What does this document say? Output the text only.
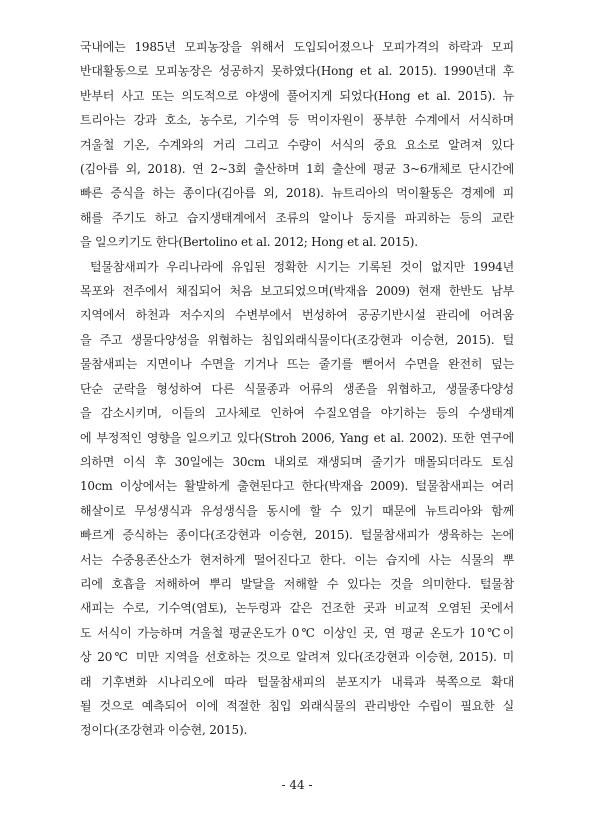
국내에는 1985년 모피농장을 위해서 도입되어졌으나 모피가격의 하락과 모피
반대활동으로 모피농장은 성공하지 못하였다(Hong et al. 2015). 1990년대 후
반부터 사고 또는 의도적으로 야생에 풀어지게 되었다(Hong et al. 2015). 뉴
트리아는 강과 호소, 농수로, 기수역 등 먹이자원이 풍부한 수계에서 서식하며
겨울철 기온, 수계와의 거리 그리고 수량이 서식의 중요 요소로 알려져 있다
(김아름 외, 2018). 연 2~3회 출산하며 1회 출산에 평균 3~6개체로 단시간에
빠른 증식을 하는 종이다(김아름 외, 2018). 뉴트리아의 먹이활동은 경제에 피
해를 주기도 하고 습지생태계에서 조류의 알이나 둥지를 파괴하는 등의 교란
을 일으키기도 한다(Bertolino et al. 2012; Hong et al. 2015).

털물참새피가 우리나라에 유입된 정확한 시기는 기록된 것이 없지만 1994년
목포와 전주에서 채집되어 처음 보고되었으며(박재읍 2009) 현재 한반도 남부
지역에서 하천과 저수지의 수변부에서 번성하여 공공기반시설 관리에 어려움
을 주고 생물다양성을 위협하는 침입외래식물이다(조강현과 이승현, 2015). 털
물참새피는 지면이나 수면을 기거나 뜨는 줄기를 뻗어서 수면을 완전히 덮는
단순 군락을 형성하여 다른 식물종과 어류의 생존을 위협하고, 생물종다양성
을 감소시키며, 이들의 고사체로 인하여 수질오염을 야기하는 등의 수생태계
에 부정적인 영향을 일으키고 있다(Stroh 2006, Yang et al. 2002). 또한 연구에
의하면 이식 후 30일에는 30cm 내외로 재생되며 줄기가 매몰되더라도 토심
10cm 이상에서는 활발하게 출현된다고 한다(박재읍 2009). 털물참새피는 여러
해살이로 무성생식과 유성생식을 동시에 할 수 있기 때문에 뉴트리아와 함께
빠르게 증식하는 종이다(조강현과 이승현, 2015). 털물참새피가 생육하는 논에
서는 수중용존산소가 현저하게 떨어진다고 한다. 이는 습지에 사는 식물의 뿌
리에 호흡을 저해하여 뿌리 발달을 저해할 수 있다는 것을 의미한다. 털물참
새피는 수로, 기수역(염토), 논두렁과 같은 건조한 곳과 비교적 오염된 곳에서
도 서식이 가능하며 겨울철 평균온도가 0℃ 이상인 곳, 연 평균 온도가 10℃이
상 20℃ 미만 지역을 선호하는 것으로 알려져 있다(조강현과 이승현, 2015). 미
래 기후변화 시나리오에 따라 털물참새피의 분포지가 내륙과 북쪽으로 확대
될 것으로 예측되어 이에 적절한 침입 외래식물의 관리방안 수립이 필요한 실
정이다(조강현과 이승현, 2015).

- 44 -
